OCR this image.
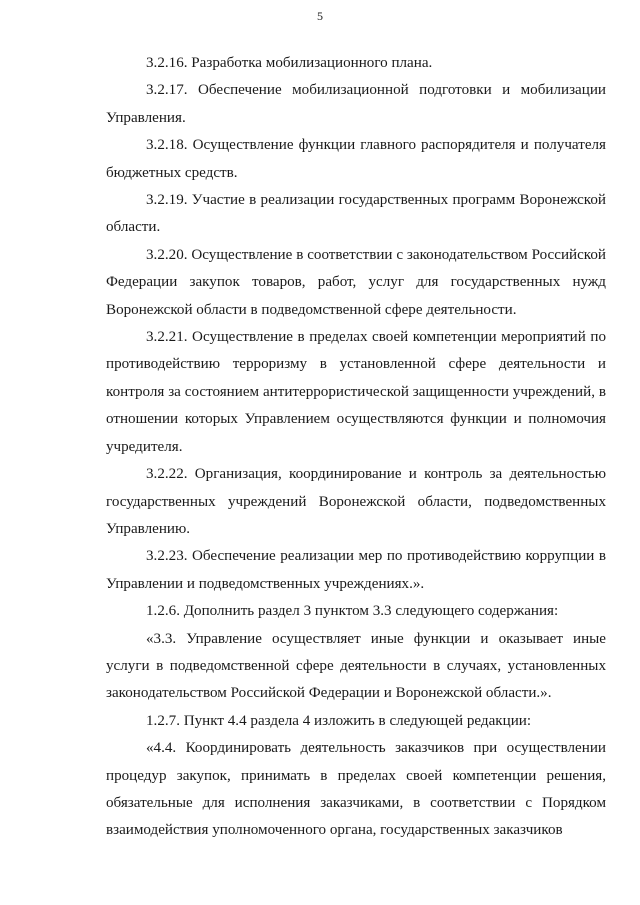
5

3.2.16. Разработка мобилизационного плана.

3.2.17. Обеспечение мобилизационной подготовки и мобилизации Управления.

3.2.18. Осуществление функции главного распорядителя и получателя бюджетных средств.

3.2.19. Участие в реализации государственных программ Воронежской области.

3.2.20. Осуществление в соответствии с законодательством Российской Федерации закупок товаров, работ, услуг для государственных нужд Воронежской области в подведомственной сфере деятельности.

3.2.21. Осуществление в пределах своей компетенции мероприятий по противодействию терроризму в установленной сфере деятельности и контроля за состоянием антитеррористической защищенности учреждений, в отношении которых Управлением осуществляются функции и полномочия учредителя.

3.2.22. Организация, координирование и контроль за деятельностью государственных учреждений Воронежской области, подведомственных Управлению.

3.2.23. Обеспечение реализации мер по противодействию коррупции в Управлении и подведомственных учреждениях.».

1.2.6. Дополнить раздел 3 пунктом 3.3 следующего содержания:

«3.3. Управление осуществляет иные функции и оказывает иные услуги в подведомственной сфере деятельности в случаях, установленных законодательством Российской Федерации и Воронежской области.».

1.2.7. Пункт 4.4 раздела 4 изложить в следующей редакции:

«4.4. Координировать деятельность заказчиков при осуществлении процедур закупок, принимать в пределах своей компетенции решения, обязательные для исполнения заказчиками, в соответствии с Порядком взаимодействия уполномоченного органа, государственных заказчиков
